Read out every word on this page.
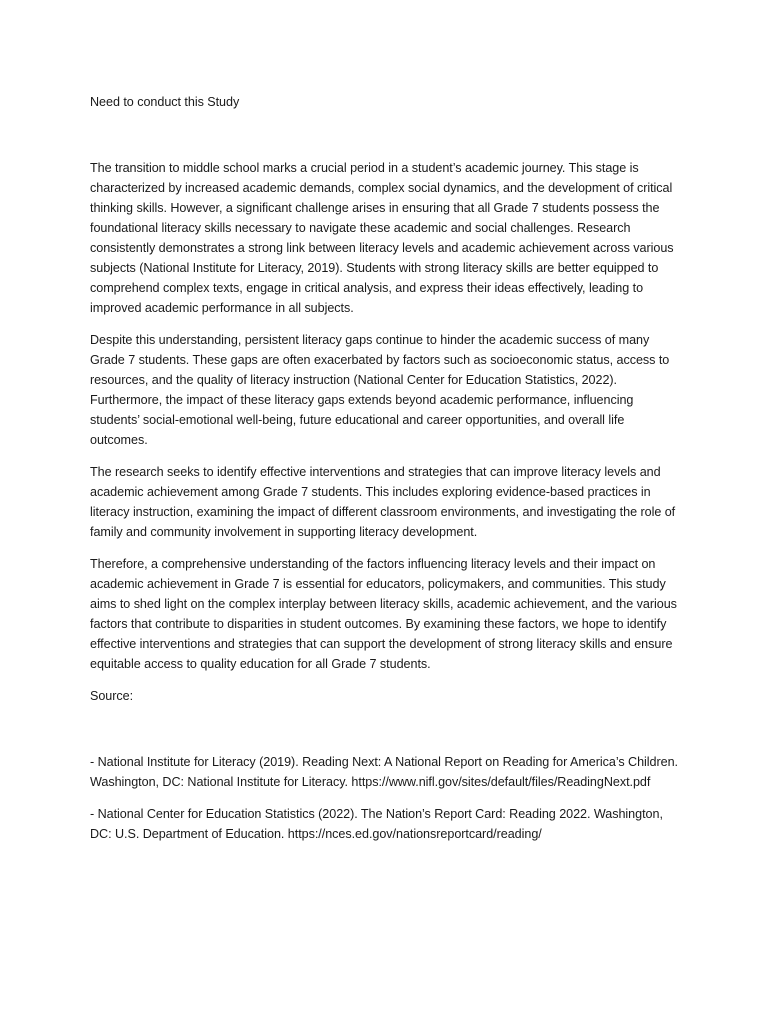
Need to conduct this Study

The transition to middle school marks a crucial period in a student’s academic journey. This stage is characterized by increased academic demands, complex social dynamics, and the development of critical thinking skills. However, a significant challenge arises in ensuring that all Grade 7 students possess the foundational literacy skills necessary to navigate these academic and social challenges. Research consistently demonstrates a strong link between literacy levels and academic achievement across various subjects (National Institute for Literacy, 2019). Students with strong literacy skills are better equipped to comprehend complex texts, engage in critical analysis, and express their ideas effectively, leading to improved academic performance in all subjects.

Despite this understanding, persistent literacy gaps continue to hinder the academic success of many Grade 7 students. These gaps are often exacerbated by factors such as socioeconomic status, access to resources, and the quality of literacy instruction (National Center for Education Statistics, 2022). Furthermore, the impact of these literacy gaps extends beyond academic performance, influencing students’ social-emotional well-being, future educational and career opportunities, and overall life outcomes.

The research seeks to identify effective interventions and strategies that can improve literacy levels and academic achievement among Grade 7 students. This includes exploring evidence-based practices in literacy instruction, examining the impact of different classroom environments, and investigating the role of family and community involvement in supporting literacy development.

Therefore, a comprehensive understanding of the factors influencing literacy levels and their impact on academic achievement in Grade 7 is essential for educators, policymakers, and communities. This study aims to shed light on the complex interplay between literacy skills, academic achievement, and the various factors that contribute to disparities in student outcomes. By examining these factors, we hope to identify effective interventions and strategies that can support the development of strong literacy skills and ensure equitable access to quality education for all Grade 7 students.

Source:

- National Institute for Literacy (2019). Reading Next: A National Report on Reading for America’s Children. Washington, DC: National Institute for Literacy. https://www.nifl.gov/sites/default/files/ReadingNext.pdf

- National Center for Education Statistics (2022). The Nation’s Report Card: Reading 2022. Washington, DC: U.S. Department of Education. https://nces.ed.gov/nationsreportcard/reading/
